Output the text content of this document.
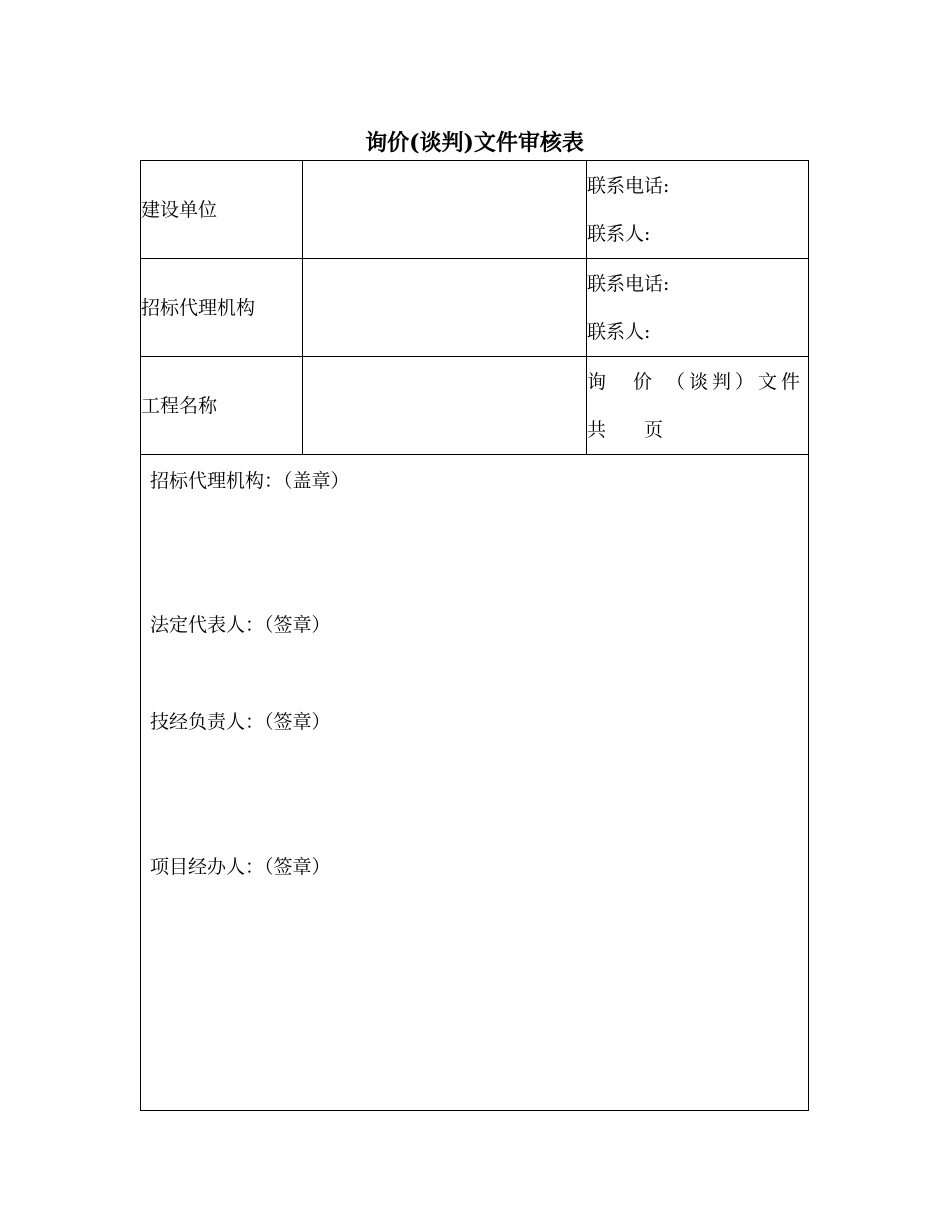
询价(谈判)文件审核表
建设单位		联系电话:
联系人:

招标代理机构		联系电话:
联系人:

工程名称		询　价 （谈判）文件
共　　页

招标代理机构：（盖章）
法定代表人：（签章）
技经负责人：（签章）
项目经办人：（签章）		
